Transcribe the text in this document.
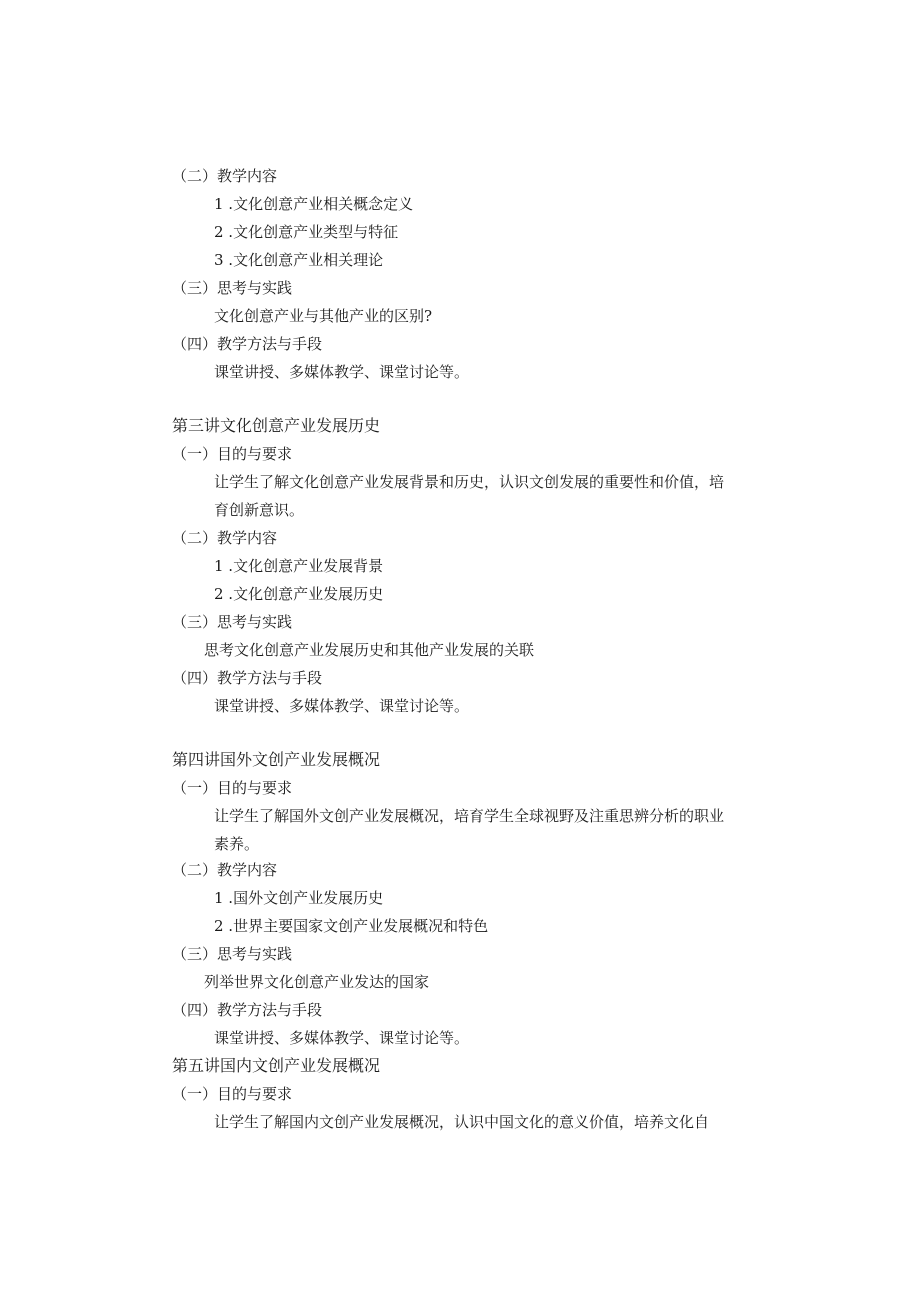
（二）教学内容
1 .文化创意产业相关概念定义
2 .文化创意产业类型与特征
3 .文化创意产业相关理论
（三）思考与实践
文化创意产业与其他产业的区别?
（四）教学方法与手段
课堂讲授、多媒体教学、课堂讨论等。
第三讲文化创意产业发展历史
（一）目的与要求
让学生了解文化创意产业发展背景和历史，认识文创发展的重要性和价值，培
育创新意识。
（二）教学内容
1 .文化创意产业发展背景
2 .文化创意产业发展历史
（三）思考与实践
思考文化创意产业发展历史和其他产业发展的关联
（四）教学方法与手段
课堂讲授、多媒体教学、课堂讨论等。
第四讲国外文创产业发展概况
（一）目的与要求
让学生了解国外文创产业发展概况，培育学生全球视野及注重思辨分析的职业
素养。
（二）教学内容
1 .国外文创产业发展历史
2 .世界主要国家文创产业发展概况和特色
（三）思考与实践
列举世界文化创意产业发达的国家
（四）教学方法与手段
课堂讲授、多媒体教学、课堂讨论等。
第五讲国内文创产业发展概况
（一）目的与要求
让学生了解国内文创产业发展概况，认识中国文化的意义价值，培养文化自
